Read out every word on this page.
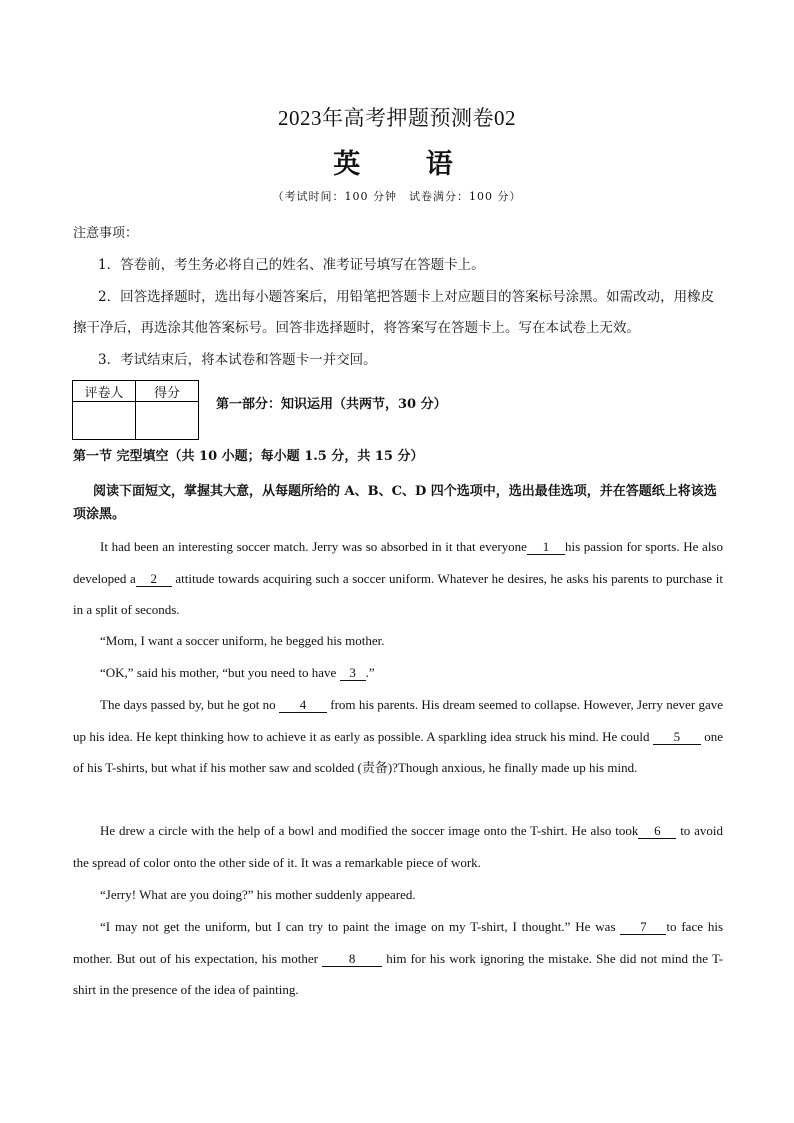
2023年高考押题预测卷02
英 语
（考试时间：100 分钟　试卷满分：100 分）
注意事项：
1．答卷前，考生务必将自己的姓名、准考证号填写在答题卡上。
2．回答选择题时，选出每小题答案后，用铅笔把答题卡上对应题目的答案标号涂黑。如需改动，用橡皮擦干净后，再选涂其他答案标号。回答非选择题时，将答案写在答题卡上。写在本试卷上无效。
3．考试结束后，将本试卷和答题卡一并交回。
评卷人	得分

第一部分：知识运用（共两节，30 分）
第一节 完型填空（共 10 小题；每小题 1.5 分，共 15 分）
阅读下面短文，掌握其大意，从每题所给的 A、B、C、D 四个选项中，选出最佳选项，并在答题纸上将该选项涂黑。

It had been an interesting soccer match. Jerry was so absorbed in it that everyone 1 his passion for sports. He also developed a 2 attitude towards acquiring such a soccer uniform. Whatever he desires, he asks his parents to purchase it in a split of seconds.

“Mom, I want a soccer uniform, he begged his mother.

“OK,” said his mother, “but you need to have 3 .”

The days passed by, but he got no 4 from his parents. His dream seemed to collapse. However, Jerry never gave up his idea. He kept thinking how to achieve it as early as possible. A sparkling idea struck his mind. He could 5 one of his T-shirts, but what if his mother saw and scolded (责备)?Though anxious, he finally made up his mind.

He drew a circle with the help of a bowl and modified the soccer image onto the T-shirt. He also took 6 to avoid the spread of color onto the other side of it. It was a remarkable piece of work.

“Jerry! What are you doing?” his mother suddenly appeared.

“I may not get the uniform, but I can try to paint the image on my T-shirt, I thought.” He was 7 to face his mother. But out of his expectation, his mother 8 him for his work ignoring the mistake. She did not mind the T-shirt in the presence of the idea of painting.
